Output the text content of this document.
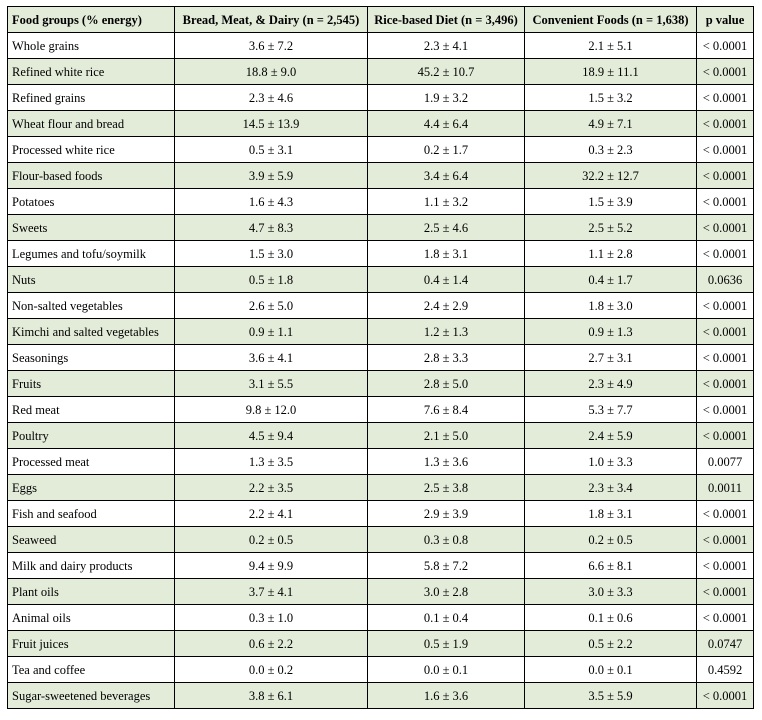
Food groups (% energy)	Bread, Meat, & Dairy (n = 2,545)	Rice-based Diet (n = 3,496)	Convenient Foods (n = 1,638)	p value
Whole grains	3.6 ± 7.2	2.3 ± 4.1	2.1 ± 5.1	< 0.0001
Refined white rice	18.8 ± 9.0	45.2 ± 10.7	18.9 ± 11.1	< 0.0001
Refined grains	2.3 ± 4.6	1.9 ± 3.2	1.5 ± 3.2	< 0.0001
Wheat flour and bread	14.5 ± 13.9	4.4 ± 6.4	4.9 ± 7.1	< 0.0001
Processed white rice	0.5 ± 3.1	0.2 ± 1.7	0.3 ± 2.3	< 0.0001
Flour-based foods	3.9 ± 5.9	3.4 ± 6.4	32.2 ± 12.7	< 0.0001
Potatoes	1.6 ± 4.3	1.1 ± 3.2	1.5 ± 3.9	< 0.0001
Sweets	4.7 ± 8.3	2.5 ± 4.6	2.5 ± 5.2	< 0.0001
Legumes and tofu/soymilk	1.5 ± 3.0	1.8 ± 3.1	1.1 ± 2.8	< 0.0001
Nuts	0.5 ± 1.8	0.4 ± 1.4	0.4 ± 1.7	0.0636
Non-salted vegetables	2.6 ± 5.0	2.4 ± 2.9	1.8 ± 3.0	< 0.0001
Kimchi and salted vegetables	0.9 ± 1.1	1.2 ± 1.3	0.9 ± 1.3	< 0.0001
Seasonings	3.6 ± 4.1	2.8 ± 3.3	2.7 ± 3.1	< 0.0001
Fruits	3.1 ± 5.5	2.8 ± 5.0	2.3 ± 4.9	< 0.0001
Red meat	9.8 ± 12.0	7.6 ± 8.4	5.3 ± 7.7	< 0.0001
Poultry	4.5 ± 9.4	2.1 ± 5.0	2.4 ± 5.9	< 0.0001
Processed meat	1.3 ± 3.5	1.3 ± 3.6	1.0 ± 3.3	0.0077
Eggs	2.2 ± 3.5	2.5 ± 3.8	2.3 ± 3.4	0.0011
Fish and seafood	2.2 ± 4.1	2.9 ± 3.9	1.8 ± 3.1	< 0.0001
Seaweed	0.2 ± 0.5	0.3 ± 0.8	0.2 ± 0.5	< 0.0001
Milk and dairy products	9.4 ± 9.9	5.8 ± 7.2	6.6 ± 8.1	< 0.0001
Plant oils	3.7 ± 4.1	3.0 ± 2.8	3.0 ± 3.3	< 0.0001
Animal oils	0.3 ± 1.0	0.1 ± 0.4	0.1 ± 0.6	< 0.0001
Fruit juices	0.6 ± 2.2	0.5 ± 1.9	0.5 ± 2.2	0.0747
Tea and coffee	0.0 ± 0.2	0.0 ± 0.1	0.0 ± 0.1	0.4592
Sugar-sweetened beverages	3.8 ± 6.1	1.6 ± 3.6	3.5 ± 5.9	< 0.0001
